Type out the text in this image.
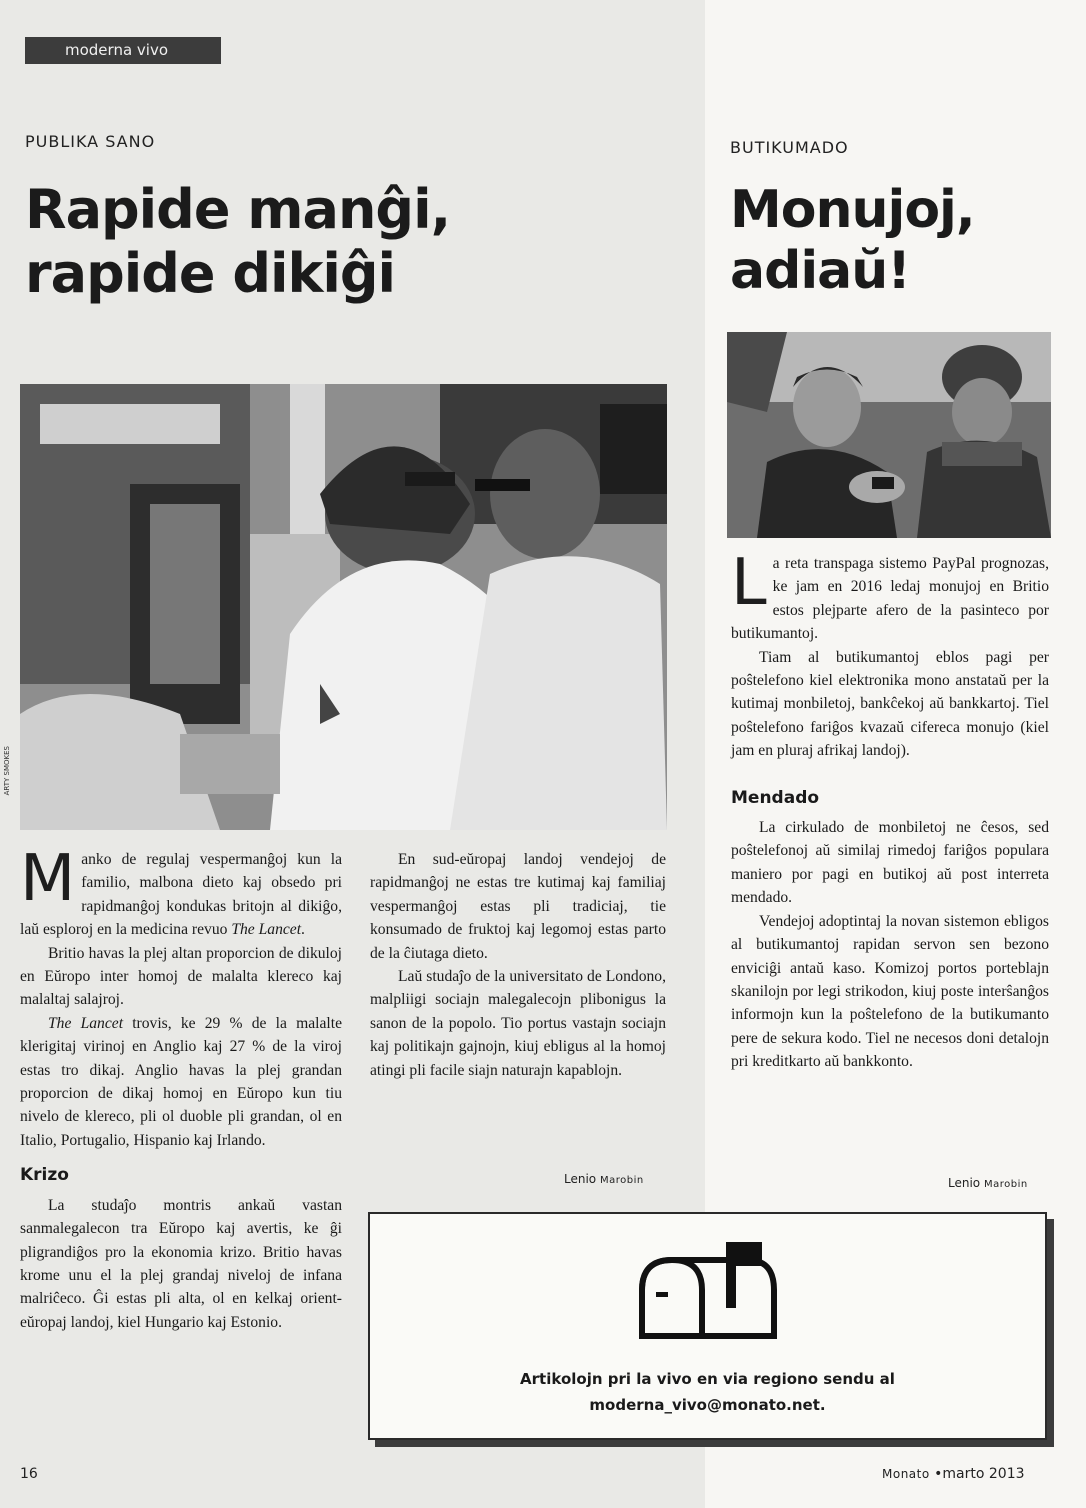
moderna vivo
PUBLIKA SANO
Rapide manĝi,
rapide dikiĝi
ARTY SMOKES

Manko de regulaj vespermanĝoj kun la familio, malbona dieto kaj obsedo pri rapidmanĝoj kondukas britojn al dikiĝo, laŭ esploroj en la medicina revuo The Lancet.

Britio havas la plej altan proporcion de dikuloj en Eŭropo inter homoj de malalta klereco kaj malaltaj salajroj.

The Lancet trovis, ke 29 % de la malalte klerigitaj virinoj en Anglio kaj 27 % de la viroj estas tro dikaj. Anglio havas la plej grandan proporcion de dikaj homoj en Eŭropo kun tiu nivelo de klereco, pli ol duoble pli grandan, ol en Italio, Portugalio, Hispanio kaj Irlando.

Krizo

La studaĵo montris ankaŭ vastan sanmalegalecon tra Eŭropo kaj avertis, ke ĝi pligrandiĝos pro la ekonomia krizo. Britio havas krome unu el la plej grandaj niveloj de infana malriĉeco. Ĝi estas pli alta, ol en kelkaj orient-eŭropaj landoj, kiel Hungario kaj Estonio.

En sud-eŭropaj landoj vendejoj de rapidmanĝoj ne estas tre kutimaj kaj familiaj vespermanĝoj estas pli tradiciaj, tie konsumado de fruktoj kaj legomoj estas parto de la ĉiutaga dieto.

Laŭ studaĵo de la universitato de Londono, malpliigi sociajn malegalecojn plibonigus la sanon de la popolo. Tio portus vastajn sociajn kaj politikajn gajnojn, kiuj ebligus al la homoj atingi pli facile siajn naturajn kapablojn.

Lenio Marobin
BUTIKUMADO
Monujoj,
adiaŭ!

La reta transpaga sistemo PayPal prognozas, ke jam en 2016 ledaj monujoj en Britio estos plejparte afero de la pasinteco por butikumantoj.

Tiam al butikumantoj eblos pagi per poŝtelefono kiel elektronika mono anstataŭ per la kutimaj monbiletoj, bankĉekoj aŭ bankkartoj. Tiel poŝtelefono fariĝos kvazaŭ cifereca monujo (kiel jam en pluraj afrikaj landoj).

Mendado

La cirkulado de monbiletoj ne ĉesos, sed poŝtelefonoj aŭ similaj rimedoj fariĝos populara maniero por pagi en butikoj aŭ post interreta mendado.

Vendejoj adoptintaj la novan sistemon ebligos al butikumantoj rapidan servon sen bezono enviciĝi antaŭ kaso. Komizoj portos porteblajn skanilojn por legi strikodon, kiuj poste interŝanĝos informojn kun la poŝtelefono de la butikumanto pere de sekura kodo. Tiel ne necesos doni detalojn pri kreditkarto aŭ bankkonto.

Lenio Marobin
Artikolojn pri la vivo en via regiono sendu al
moderna_vivo@monato.net.
16	Monato •marto 2013
